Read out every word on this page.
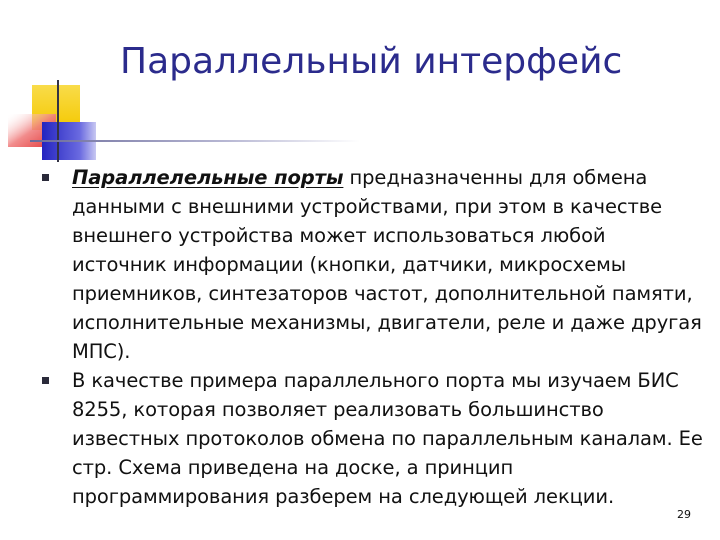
Параллельный интерфейс
Параллелельные порты предназначенны для обмена данными с внешними устройствами, при этом в качестве внешнего устройства может использоваться любой источник информации (кнопки, датчики, микросхемы приемников, синтезаторов частот, дополнительной памяти, исполнительные механизмы, двигатели, реле и даже другая МПС).
В качестве примера параллельного порта мы изучаем БИС 8255, которая позволяет реализовать большинство известных протоколов обмена по параллельным каналам. Ее стр. Схема приведена на доске, а принцип программирования разберем на следующей лекции.
29
